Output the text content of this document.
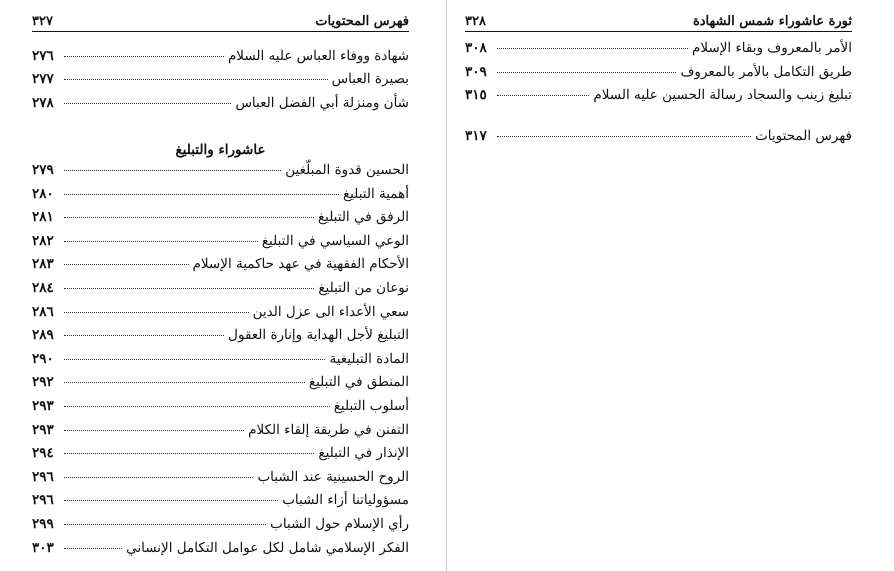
فهرس المحتويات
٣٢٧
شهادة ووفاء العباس عليه السلام
٢٧٦
بصيرة العباس
٢٧٧
شأن ومنزلة أبي الفضل العباس
٢٧٨
عاشوراء والتبليغ
الحسين قدوة المبلّغين
٢٧٩
أهمية التبليغ
٢٨٠
الرفق في التبليغ
٢٨١
الوعي السياسي في التبليغ
٢٨٢
الأحكام الفقهية في عهد حاكمية الإسلام
٢٨٣
نوعان من التبليغ
٢٨٤
سعي الأعداء الى عزل الدين
٢٨٦
التبليغ لأجل الهداية وإنارة العقول
٢٨٩
المادة التبليغية
٢٩٠
المنطق في التبليغ
٢٩٢
أسلوب التبليغ
٢٩٣
التفنن في طريقة إلقاء الكلام
٢٩٣
الإنذار في التبليغ
٢٩٤
الروح الحسينية عند الشباب
٢٩٦
مسؤولياتنا أزاء الشباب
٢٩٦
رأي الإسلام حول الشباب
٢٩٩
الفكر الإسلامي شامل لكل عوامل التكامل الإنساني
٣٠٣
ثورة عاشوراء شمس الشهادة
٣٢٨
الأمر بالمعروف وبقاء الإسلام
٣٠٨
طريق التكامل بالأمر بالمعروف
٣٠٩
تبليغ زينب والسجاد رسالة الحسين عليه السلام
٣١٥
فهرس المحتويات
٣١٧
